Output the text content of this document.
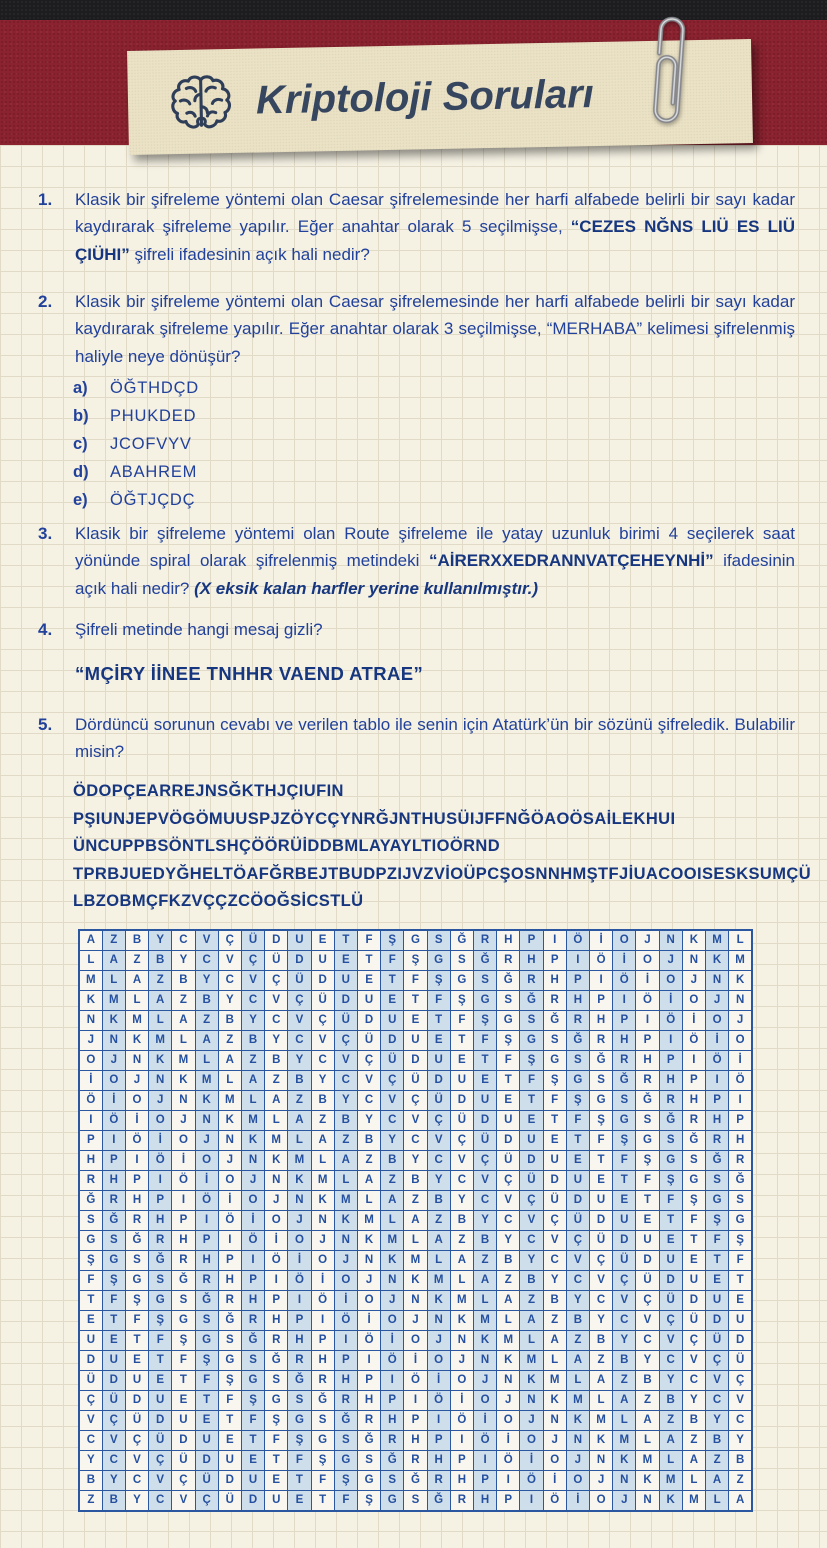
Kriptoloji Soruları
1. Klasik bir şifreleme yöntemi olan Caesar şifrelemesinde her harfi alfabede belirli bir sayı kadar kaydırarak şifreleme yapılır. Eğer anahtar olarak 5 seçilmişse, “CEZES NĞNS LIÜ ES LIÜ ÇIÜHI” şifreli ifadesinin açık hali nedir?

2. Klasik bir şifreleme yöntemi olan Caesar şifrelemesinde her harfi alfabede belirli bir sayı kadar kaydırarak şifreleme yapılır. Eğer anahtar olarak 3 seçilmişse, “MERHABA” kelimesi şifrelenmiş haliyle neye dönüşür?

a)	ÖĞTHDÇD
b)	PHUKDED
c)	JCOFVYV
d)	ABAHREM
e)	ÖĞTJÇDÇ
3. Klasik bir şifreleme yöntemi olan Route şifreleme ile yatay uzunluk birimi 4 seçilerek saat yönünde spiral olarak şifrelenmiş metindeki “AİRERXXEDRANNVATÇEHEYNHİ” ifadesinin açık hali nedir? (X eksik kalan harfler yerine kullanılmıştır.)

4. Şifreli metinde hangi mesaj gizli?

“MÇİRY İİNEE TNHHR VAEND ATRAE”
5. Dördüncü sorunun cevabı ve verilen tablo ile senin için Atatürk’ün bir sözünü şifreledik. Bulabilir misin?

ÖDOPÇEARREJNSĞKTHJÇIUFIN
PŞIUNJEPVÖGÖMUUSPJZÖYCÇYNRĞJNTHUSÜIJFFNĞÖAOÖSAİLEKHUI
ÜNCUPPBSÖNTLSHÇÖÖRÜİDDBMLAYAYLTIOÖRND
TPRBJUEDYĞHELTÖAFĞRBEJTBUDPZIJVZVİOÜPCŞOSNNHMŞTFJİUACOOISESKSUMÇÜ
LBZOBMÇFKZVÇÇZCÖOĞSİCSTLÜ
A	Z	B	Y	C	V	Ç	Ü	D	U	E	T	F	Ş	G	S	Ğ	R	H	P	I	Ö	İ	O	J	N	K	M	L
L	A	Z	B	Y	C	V	Ç	Ü	D	U	E	T	F	Ş	G	S	Ğ	R	H	P	I	Ö	İ	O	J	N	K	M
M	L	A	Z	B	Y	C	V	Ç	Ü	D	U	E	T	F	Ş	G	S	Ğ	R	H	P	I	Ö	İ	O	J	N	K
K	M	L	A	Z	B	Y	C	V	Ç	Ü	D	U	E	T	F	Ş	G	S	Ğ	R	H	P	I	Ö	İ	O	J	N
N	K	M	L	A	Z	B	Y	C	V	Ç	Ü	D	U	E	T	F	Ş	G	S	Ğ	R	H	P	I	Ö	İ	O	J
J	N	K	M	L	A	Z	B	Y	C	V	Ç	Ü	D	U	E	T	F	Ş	G	S	Ğ	R	H	P	I	Ö	İ	O
O	J	N	K	M	L	A	Z	B	Y	C	V	Ç	Ü	D	U	E	T	F	Ş	G	S	Ğ	R	H	P	I	Ö	İ
İ	O	J	N	K	M	L	A	Z	B	Y	C	V	Ç	Ü	D	U	E	T	F	Ş	G	S	Ğ	R	H	P	I	Ö
Ö	İ	O	J	N	K	M	L	A	Z	B	Y	C	V	Ç	Ü	D	U	E	T	F	Ş	G	S	Ğ	R	H	P	I
I	Ö	İ	O	J	N	K	M	L	A	Z	B	Y	C	V	Ç	Ü	D	U	E	T	F	Ş	G	S	Ğ	R	H	P
P	I	Ö	İ	O	J	N	K	M	L	A	Z	B	Y	C	V	Ç	Ü	D	U	E	T	F	Ş	G	S	Ğ	R	H
H	P	I	Ö	İ	O	J	N	K	M	L	A	Z	B	Y	C	V	Ç	Ü	D	U	E	T	F	Ş	G	S	Ğ	R
R	H	P	I	Ö	İ	O	J	N	K	M	L	A	Z	B	Y	C	V	Ç	Ü	D	U	E	T	F	Ş	G	S	Ğ
Ğ	R	H	P	I	Ö	İ	O	J	N	K	M	L	A	Z	B	Y	C	V	Ç	Ü	D	U	E	T	F	Ş	G	S
S	Ğ	R	H	P	I	Ö	İ	O	J	N	K	M	L	A	Z	B	Y	C	V	Ç	Ü	D	U	E	T	F	Ş	G
G	S	Ğ	R	H	P	I	Ö	İ	O	J	N	K	M	L	A	Z	B	Y	C	V	Ç	Ü	D	U	E	T	F	Ş
Ş	G	S	Ğ	R	H	P	I	Ö	İ	O	J	N	K	M	L	A	Z	B	Y	C	V	Ç	Ü	D	U	E	T	F
F	Ş	G	S	Ğ	R	H	P	I	Ö	İ	O	J	N	K	M	L	A	Z	B	Y	C	V	Ç	Ü	D	U	E	T
T	F	Ş	G	S	Ğ	R	H	P	I	Ö	İ	O	J	N	K	M	L	A	Z	B	Y	C	V	Ç	Ü	D	U	E
E	T	F	Ş	G	S	Ğ	R	H	P	I	Ö	İ	O	J	N	K	M	L	A	Z	B	Y	C	V	Ç	Ü	D	U
U	E	T	F	Ş	G	S	Ğ	R	H	P	I	Ö	İ	O	J	N	K	M	L	A	Z	B	Y	C	V	Ç	Ü	D
D	U	E	T	F	Ş	G	S	Ğ	R	H	P	I	Ö	İ	O	J	N	K	M	L	A	Z	B	Y	C	V	Ç	Ü
Ü	D	U	E	T	F	Ş	G	S	Ğ	R	H	P	I	Ö	İ	O	J	N	K	M	L	A	Z	B	Y	C	V	Ç
Ç	Ü	D	U	E	T	F	Ş	G	S	Ğ	R	H	P	I	Ö	İ	O	J	N	K	M	L	A	Z	B	Y	C	V
V	Ç	Ü	D	U	E	T	F	Ş	G	S	Ğ	R	H	P	I	Ö	İ	O	J	N	K	M	L	A	Z	B	Y	C
C	V	Ç	Ü	D	U	E	T	F	Ş	G	S	Ğ	R	H	P	I	Ö	İ	O	J	N	K	M	L	A	Z	B	Y
Y	C	V	Ç	Ü	D	U	E	T	F	Ş	G	S	Ğ	R	H	P	I	Ö	İ	O	J	N	K	M	L	A	Z	B
B	Y	C	V	Ç	Ü	D	U	E	T	F	Ş	G	S	Ğ	R	H	P	I	Ö	İ	O	J	N	K	M	L	A	Z
Z	B	Y	C	V	Ç	Ü	D	U	E	T	F	Ş	G	S	Ğ	R	H	P	I	Ö	İ	O	J	N	K	M	L	A
